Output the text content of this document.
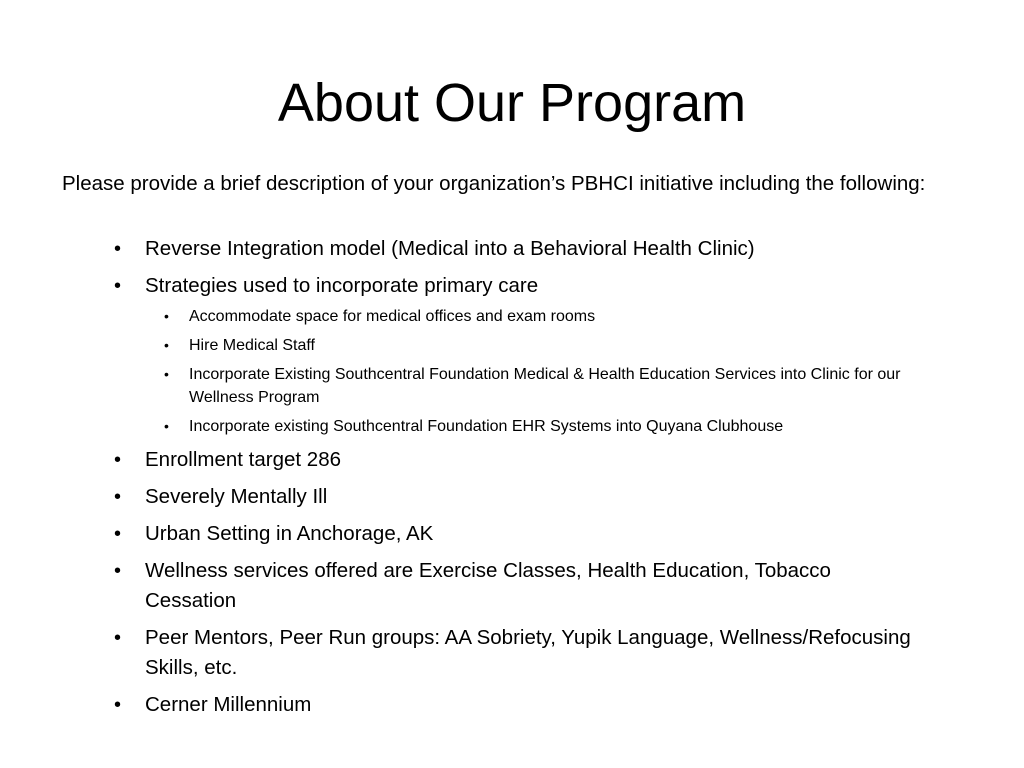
About Our Program

Please provide a brief description of your organization’s PBHCI initiative including the following:

• Reverse Integration model (Medical into a Behavioral Health Clinic)
• Strategies used to incorporate primary care
• Accommodate space for medical offices and exam rooms
• Hire Medical Staff
• Incorporate Existing Southcentral Foundation Medical & Health Education Services into Clinic for our Wellness Program
• Incorporate existing Southcentral Foundation EHR Systems into Quyana Clubhouse
• Enrollment target 286
• Severely Mentally Ill
• Urban Setting in Anchorage, AK
• Wellness services offered are Exercise Classes, Health Education, Tobacco Cessation
• Peer Mentors, Peer Run groups: AA Sobriety, Yupik Language, Wellness/Refocusing Skills, etc.
• Cerner Millennium
